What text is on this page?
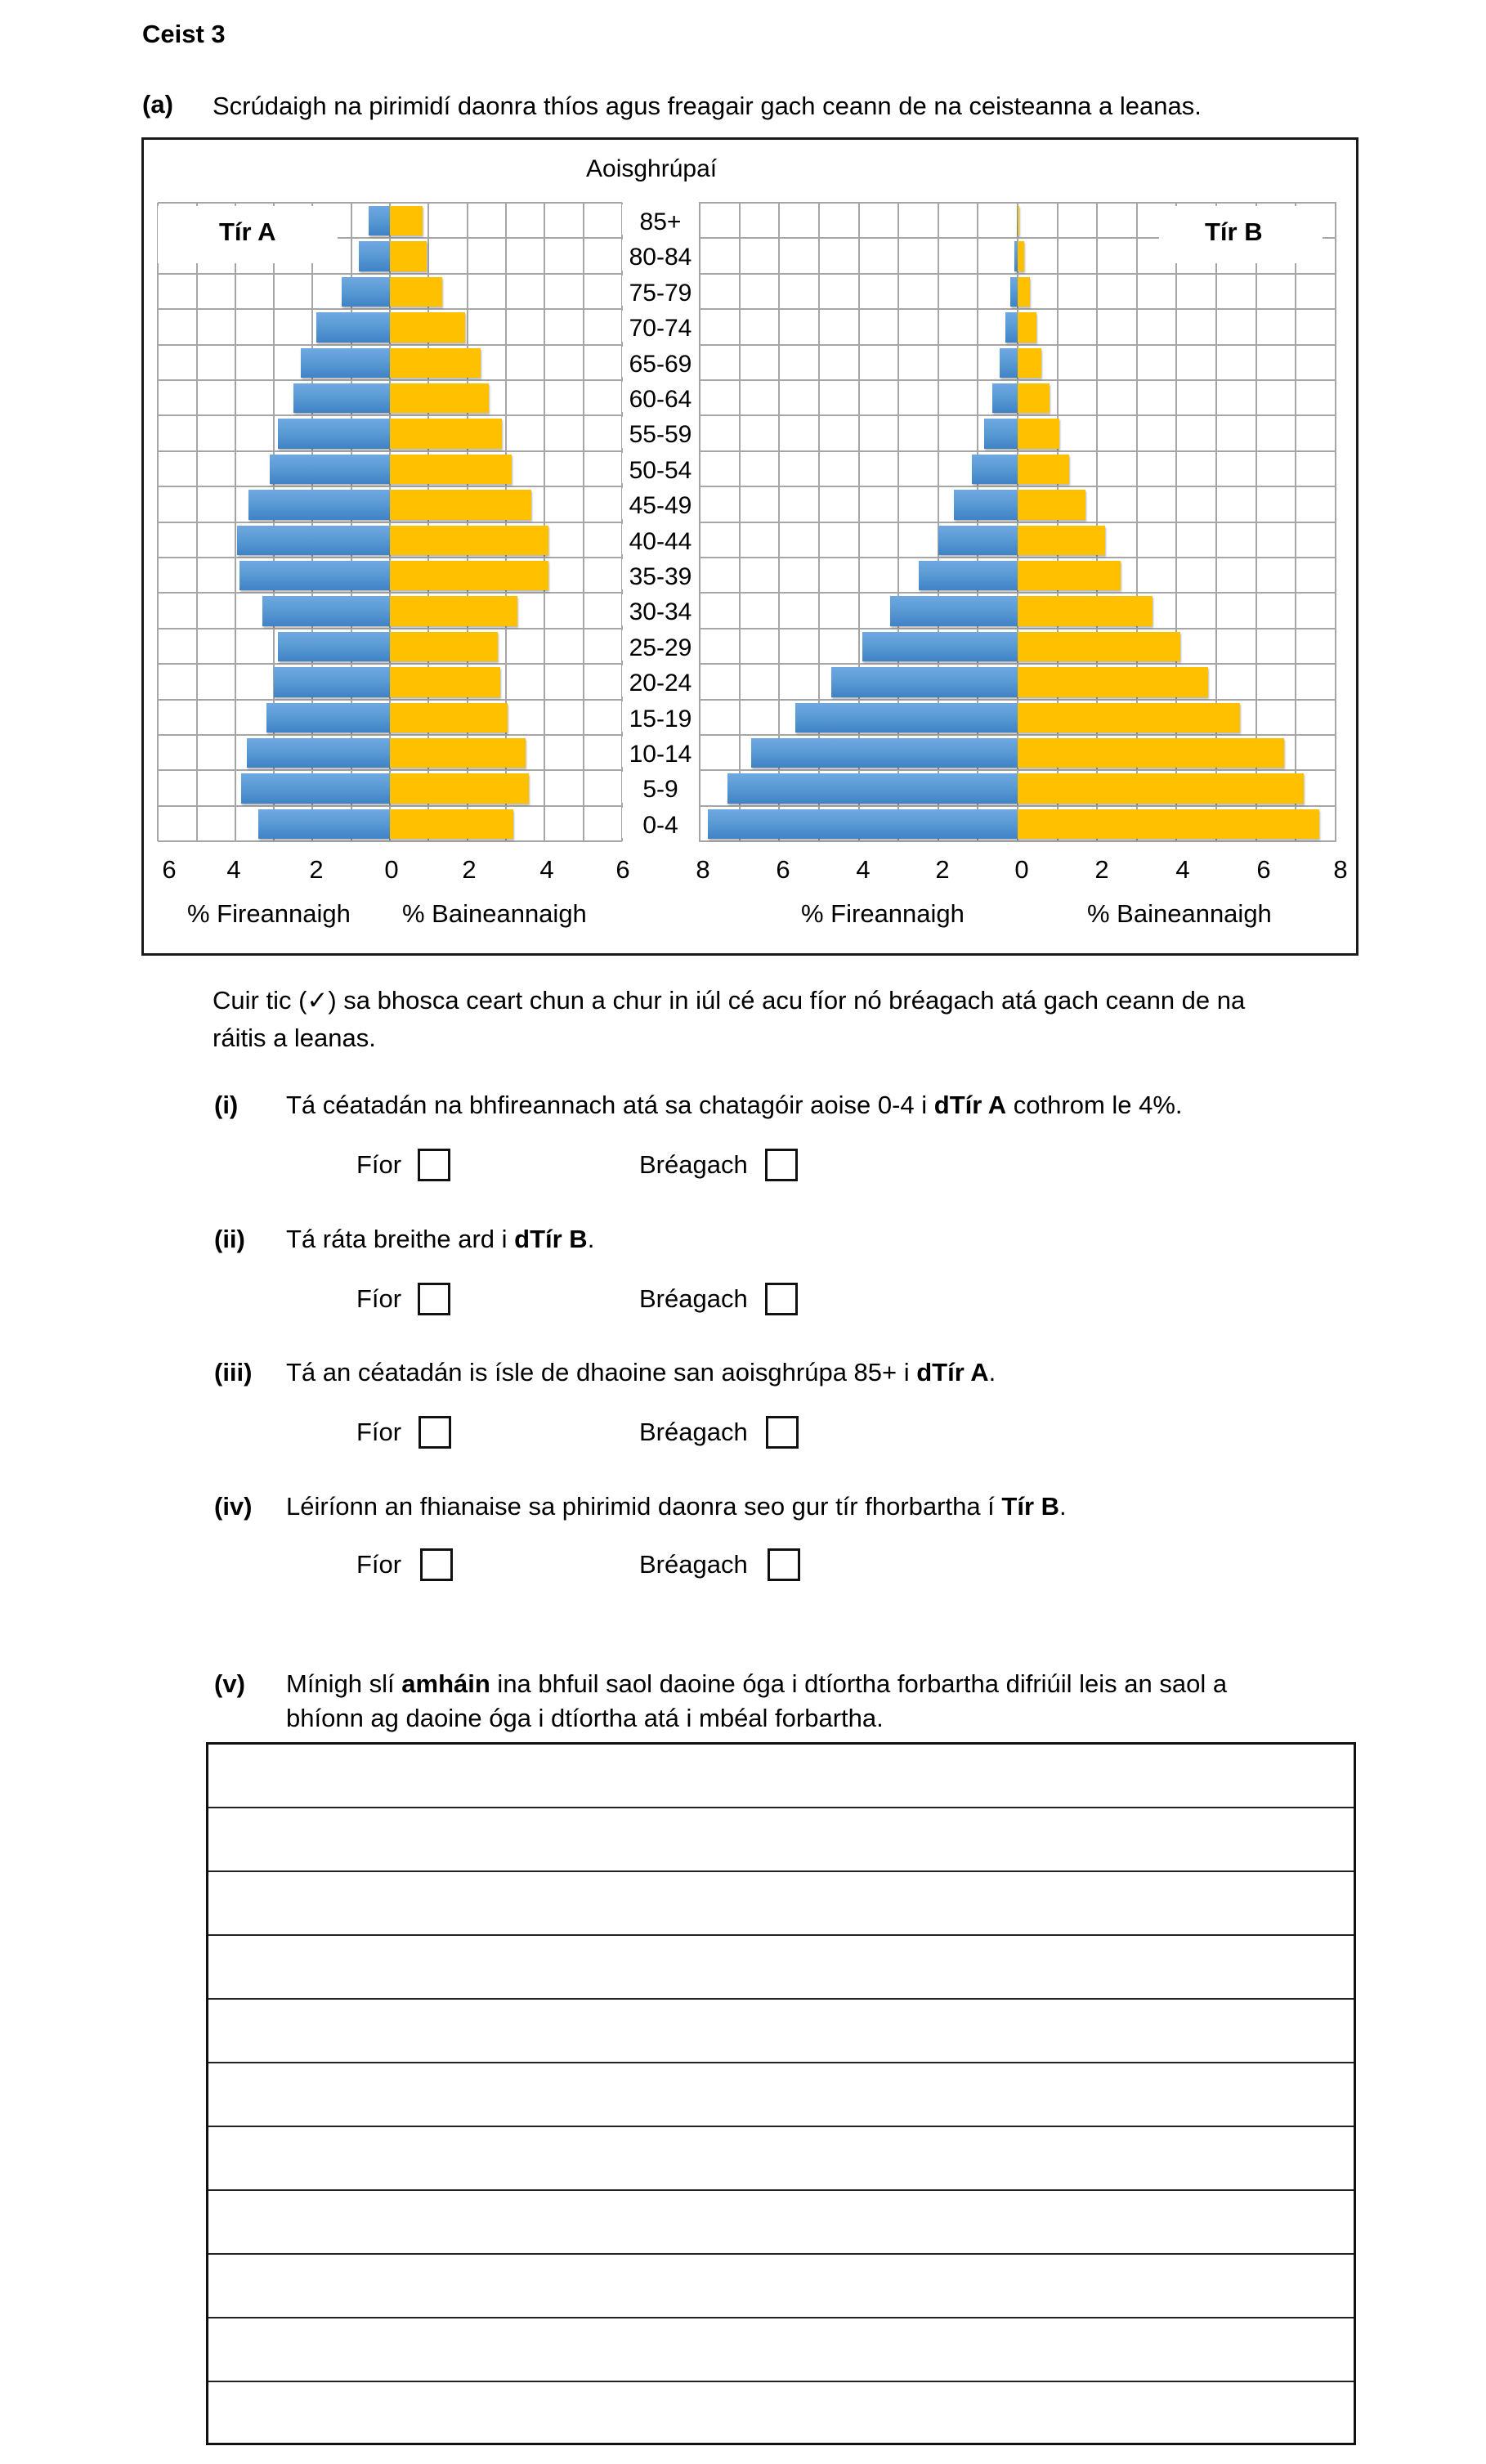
Ceist 3
(a) Scrúdaigh na pirimidí daonra thíos agus freagair gach ceann de na ceisteanna a leanas.
Tír A
6	4	2	0	2	4	6
% Fireannaigh % Baineannaigh
Tír B
8	6	4	2	0	2	4	6	8
% Fireannaigh	% Baineannaigh
Aoisghrúpaí
0-4
5-9
10-14
15-19
20-24
25-29
30-34
35-39
40-44
45-49
50-54
55-59
60-64
65-69
70-74
75-79
80-84
85+
Cuir tic (✓) sa bhosca ceart chun a chur in iúl cé acu fíor nó bréagach atá gach ceann de na
ráitis a leanas.
(i) Tá céatadán na bhfireannach atá sa chatagóir aoise 0-4 i dTír A cothrom le 4%.
Fíor	Bréagach
(ii) Tá ráta breithe ard i dTír B.
Fíor	Bréagach
(iii) Tá an céatadán is ísle de dhaoine san aoisghrúpa 85+ i dTír A.
Fíor	Bréagach
(iv) Léiríonn an fhianaise sa phirimid daonra seo gur tír fhorbartha í Tír B.
Fíor	Bréagach
(v) Mínigh slí amháin ina bhfuil saol daoine óga i dtíortha forbartha difriúil leis an saol a
bhíonn ag daoine óga i dtíortha atá i mbéal forbartha.
